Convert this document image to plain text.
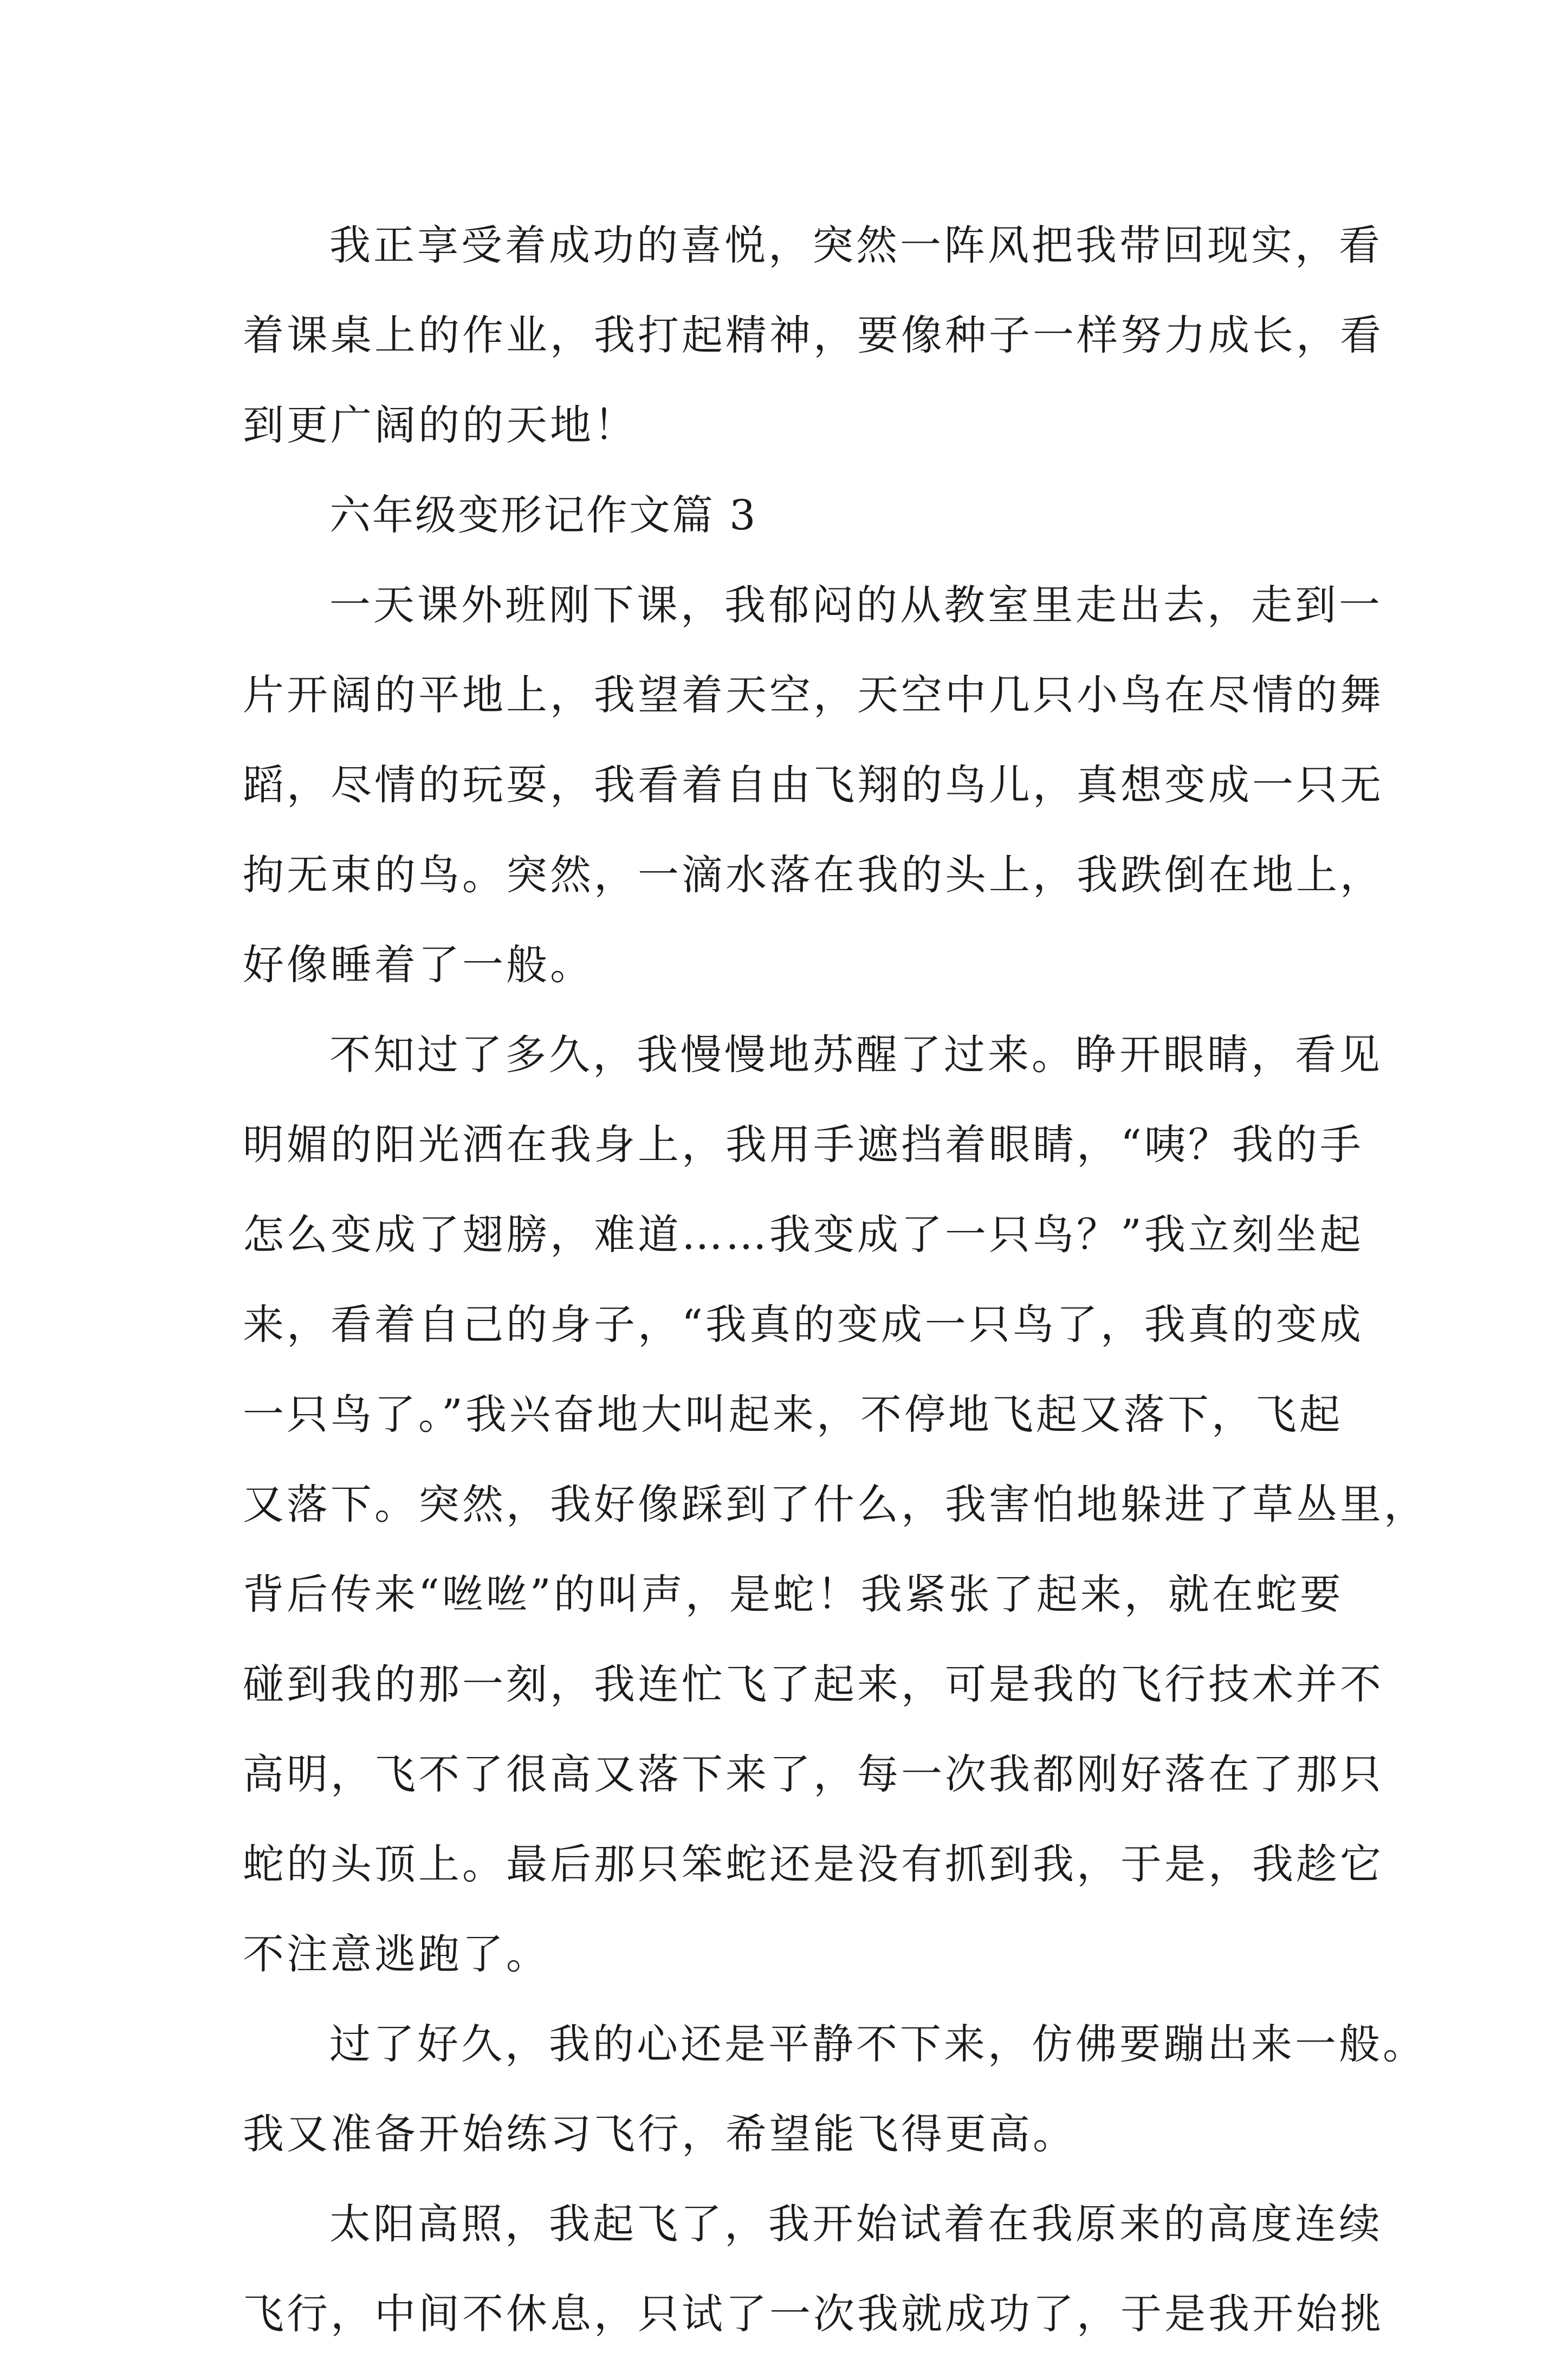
我正享受着成功的喜悦，突然一阵风把我带回现实，看
着课桌上的作业，我打起精神，要像种子一样努力成长，看
到更广阔的的天地！
六年级变形记作文篇 3
一天课外班刚下课，我郁闷的从教室里走出去，走到一
片开阔的平地上，我望着天空，天空中几只小鸟在尽情的舞
蹈，尽情的玩耍，我看着自由飞翔的鸟儿，真想变成一只无
拘无束的鸟。突然，一滴水落在我的头上，我跌倒在地上，
好像睡着了一般。
不知过了多久，我慢慢地苏醒了过来。睁开眼睛，看见
明媚的阳光洒在我身上，我用手遮挡着眼睛，“咦？我的手
怎么变成了翅膀，难道……我变成了一只鸟？”我立刻坐起
来，看着自己的身子，“我真的变成一只鸟了，我真的变成
一只鸟了。”我兴奋地大叫起来，不停地飞起又落下，飞起
又落下。突然，我好像踩到了什么，我害怕地躲进了草丛里，
背后传来“咝咝”的叫声，是蛇！我紧张了起来，就在蛇要
碰到我的那一刻，我连忙飞了起来，可是我的飞行技术并不
高明，飞不了很高又落下来了，每一次我都刚好落在了那只
蛇的头顶上。最后那只笨蛇还是没有抓到我，于是，我趁它
不注意逃跑了。
过了好久，我的心还是平静不下来，仿佛要蹦出来一般。
我又准备开始练习飞行，希望能飞得更高。
太阳高照，我起飞了，我开始试着在我原来的高度连续
飞行，中间不休息，只试了一次我就成功了，于是我开始挑
